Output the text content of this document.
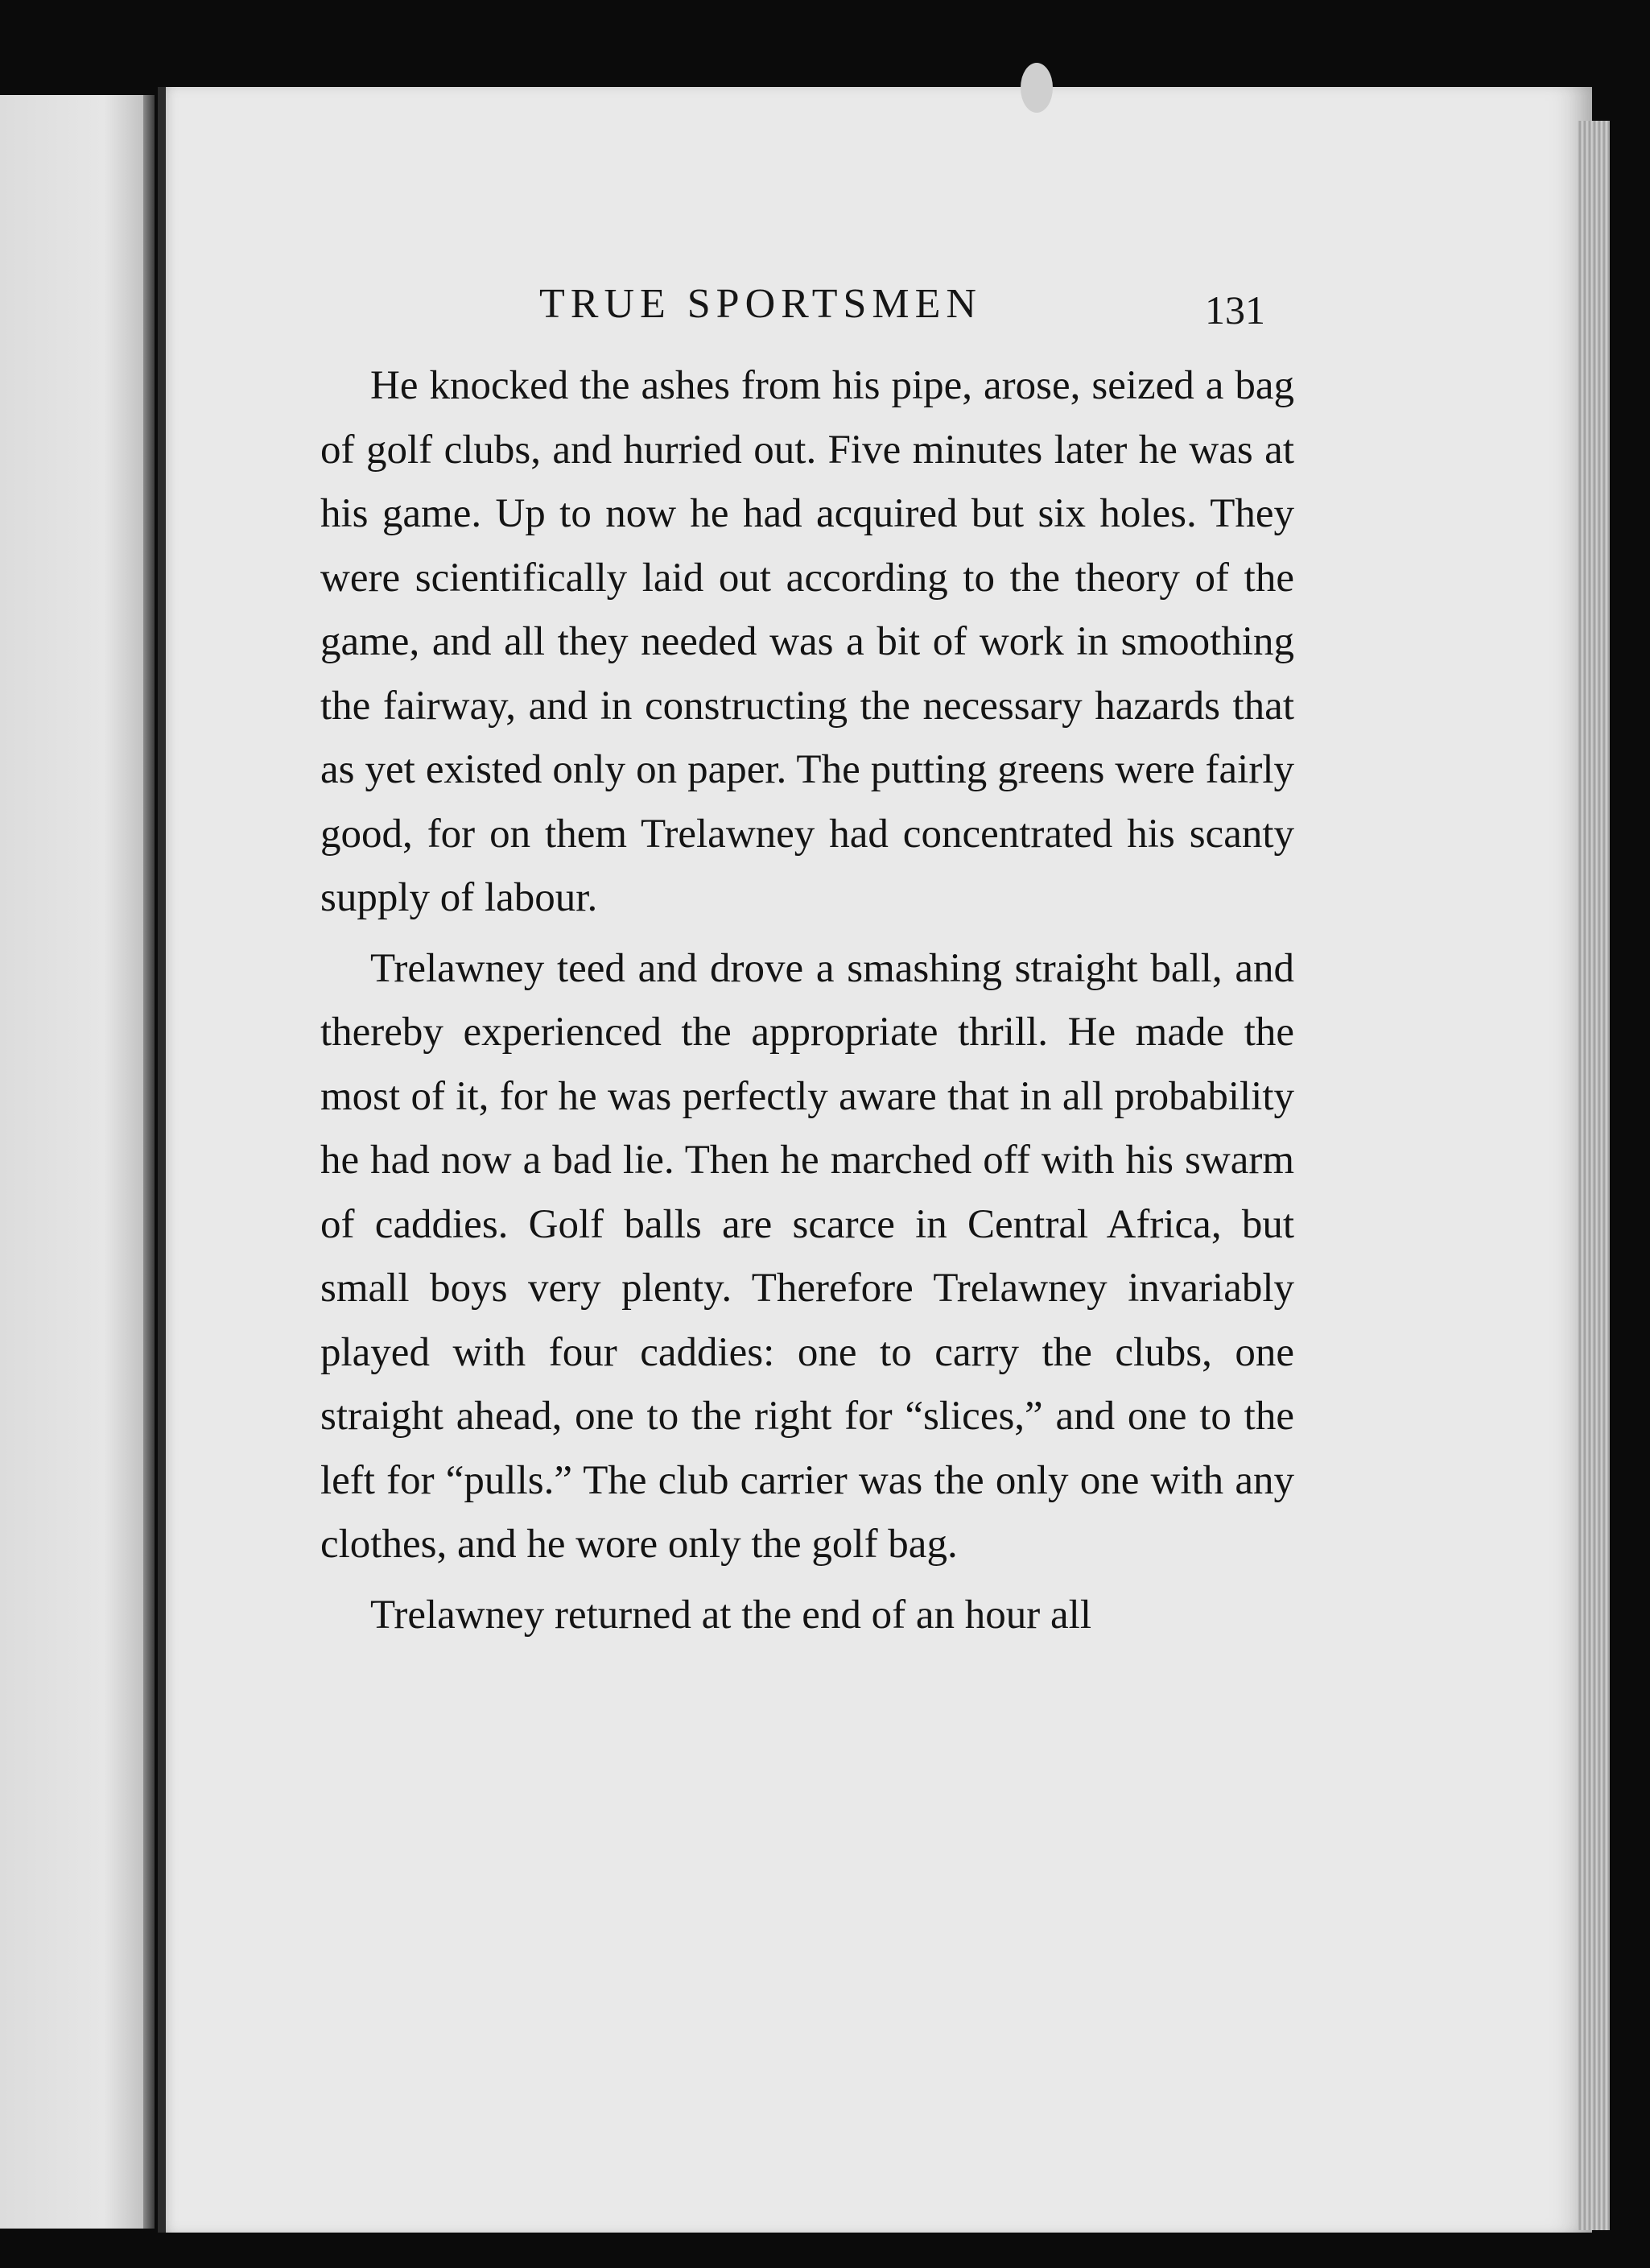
TRUE SPORTSMEN	131

He knocked the ashes from his pipe, arose, seized a bag of golf clubs, and hurried out. Five minutes later he was at his game. Up to now he had acquired but six holes. They were scientifically laid out according to the theory of the game, and all they needed was a bit of work in smoothing the fairway, and in constructing the necessary hazards that as yet existed only on paper. The putting greens were fairly good, for on them Trelawney had concentrated his scanty supply of labour.

Trelawney teed and drove a smashing straight ball, and thereby experienced the appropriate thrill. He made the most of it, for he was perfectly aware that in all probability he had now a bad lie. Then he marched off with his swarm of caddies. Golf balls are scarce in Central Africa, but small boys very plenty. Therefore Trelawney invariably played with four caddies: one to carry the clubs, one straight ahead, one to the right for “slices,” and one to the left for “pulls.” The club carrier was the only one with any clothes, and he wore only the golf bag.

Trelawney returned at the end of an hour all
